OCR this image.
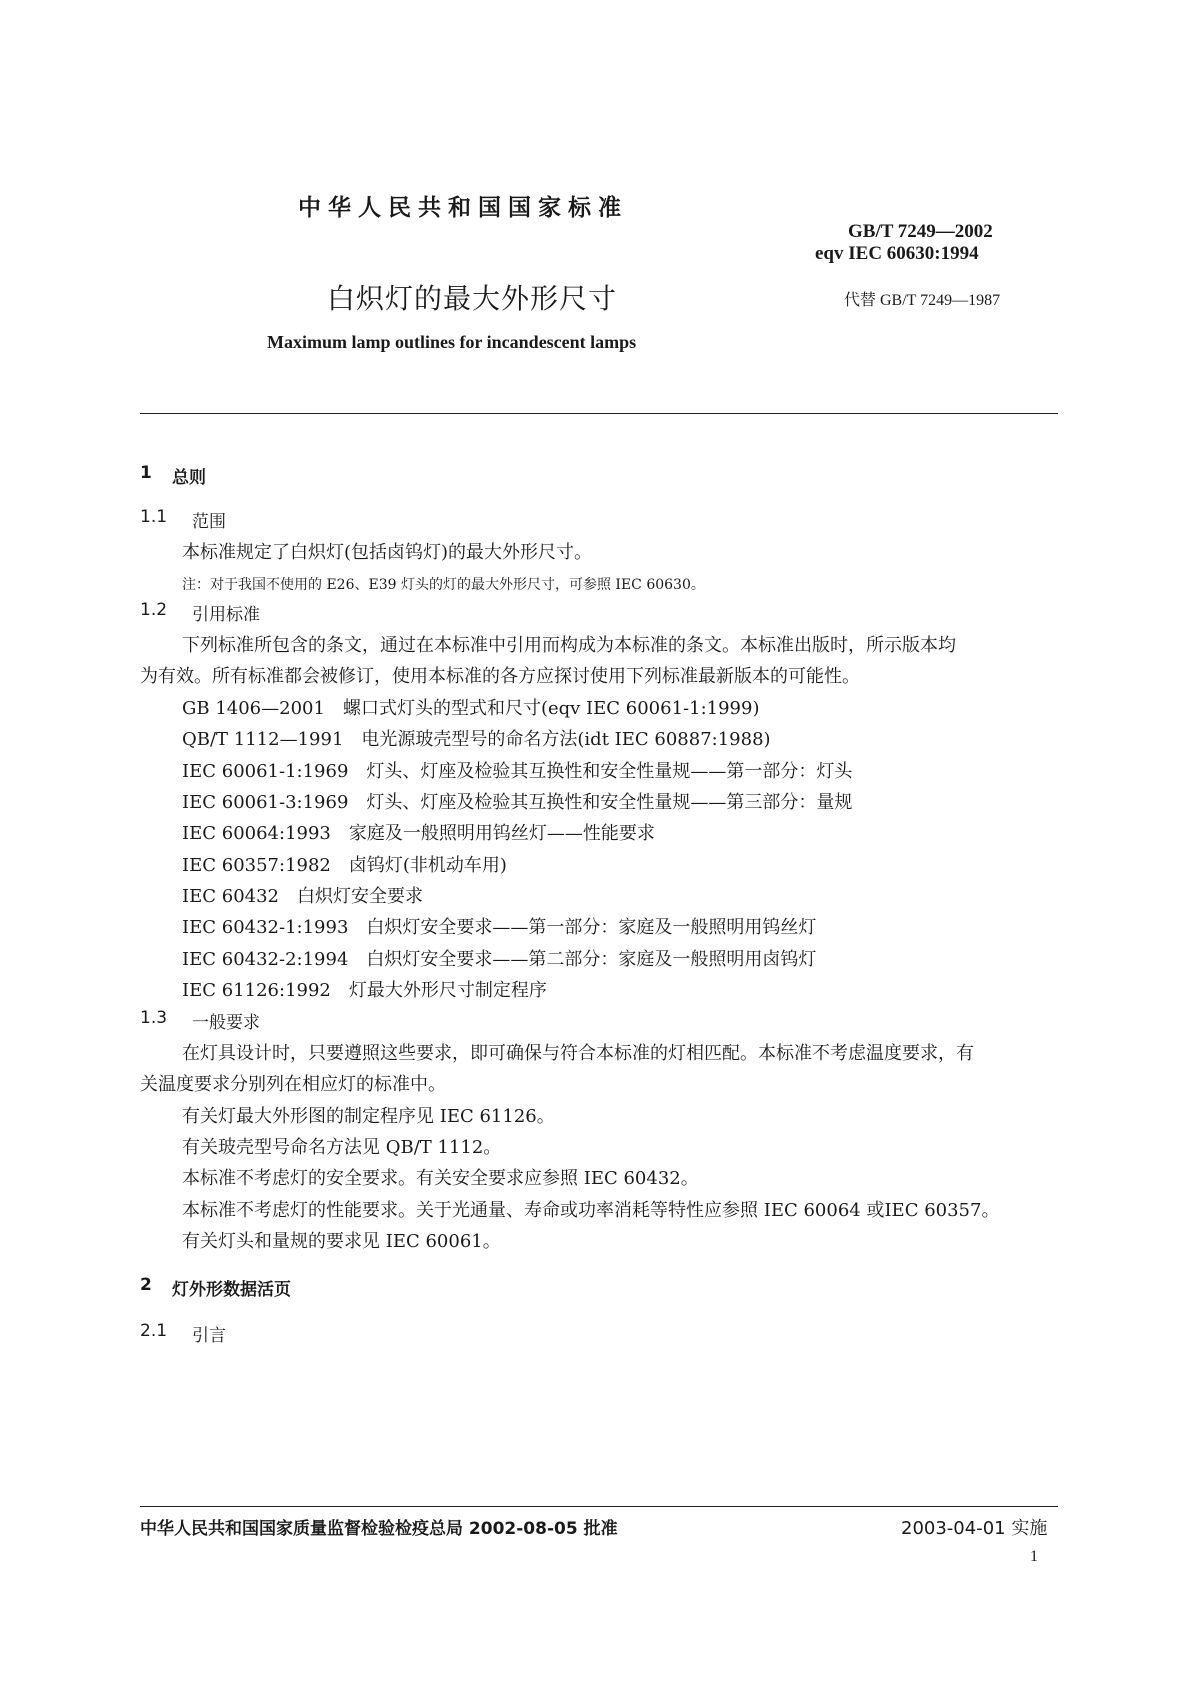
中华人民共和国国家标准
GB/T 7249—2002
eqv IEC 60630:1994
白炽灯的最大外形尺寸	代替 GB/T 7249—1987
Maximum lamp outlines for incandescent lamps
1 总则
1.1 范围
本标准规定了白炽灯(包括卤钨灯)的最大外形尺寸。
注：对于我国不使用的 E26、E39 灯头的灯的最大外形尺寸，可参照 IEC 60630。
1.2 引用标准
下列标准所包含的条文，通过在本标准中引用而构成为本标准的条文。本标准出版时，所示版本均
为有效。所有标准都会被修订，使用本标准的各方应探讨使用下列标准最新版本的可能性。
GB 1406—2001　螺口式灯头的型式和尺寸(eqv IEC 60061-1:1999)
QB/T 1112—1991　电光源玻壳型号的命名方法(idt IEC 60887:1988)
IEC 60061-1:1969　灯头、灯座及检验其互换性和安全性量规——第一部分：灯头
IEC 60061-3:1969　灯头、灯座及检验其互换性和安全性量规——第三部分：量规
IEC 60064:1993　家庭及一般照明用钨丝灯——性能要求
IEC 60357:1982　卤钨灯(非机动车用)
IEC 60432　白炽灯安全要求
IEC 60432-1:1993　白炽灯安全要求——第一部分：家庭及一般照明用钨丝灯
IEC 60432-2:1994　白炽灯安全要求——第二部分：家庭及一般照明用卤钨灯
IEC 61126:1992　灯最大外形尺寸制定程序
1.3 一般要求
在灯具设计时，只要遵照这些要求，即可确保与符合本标准的灯相匹配。本标准不考虑温度要求，有
关温度要求分别列在相应灯的标准中。
有关灯最大外形图的制定程序见 IEC 61126。
有关玻壳型号命名方法见 QB/T 1112。
本标准不考虑灯的安全要求。有关安全要求应参照 IEC 60432。
本标准不考虑灯的性能要求。关于光通量、寿命或功率消耗等特性应参照 IEC 60064 或IEC 60357。
有关灯头和量规的要求见 IEC 60061。
2 灯外形数据活页
2.1 引言
中华人民共和国国家质量监督检验检疫总局 2002-08-05 批准	2003-04-01 实施
1
